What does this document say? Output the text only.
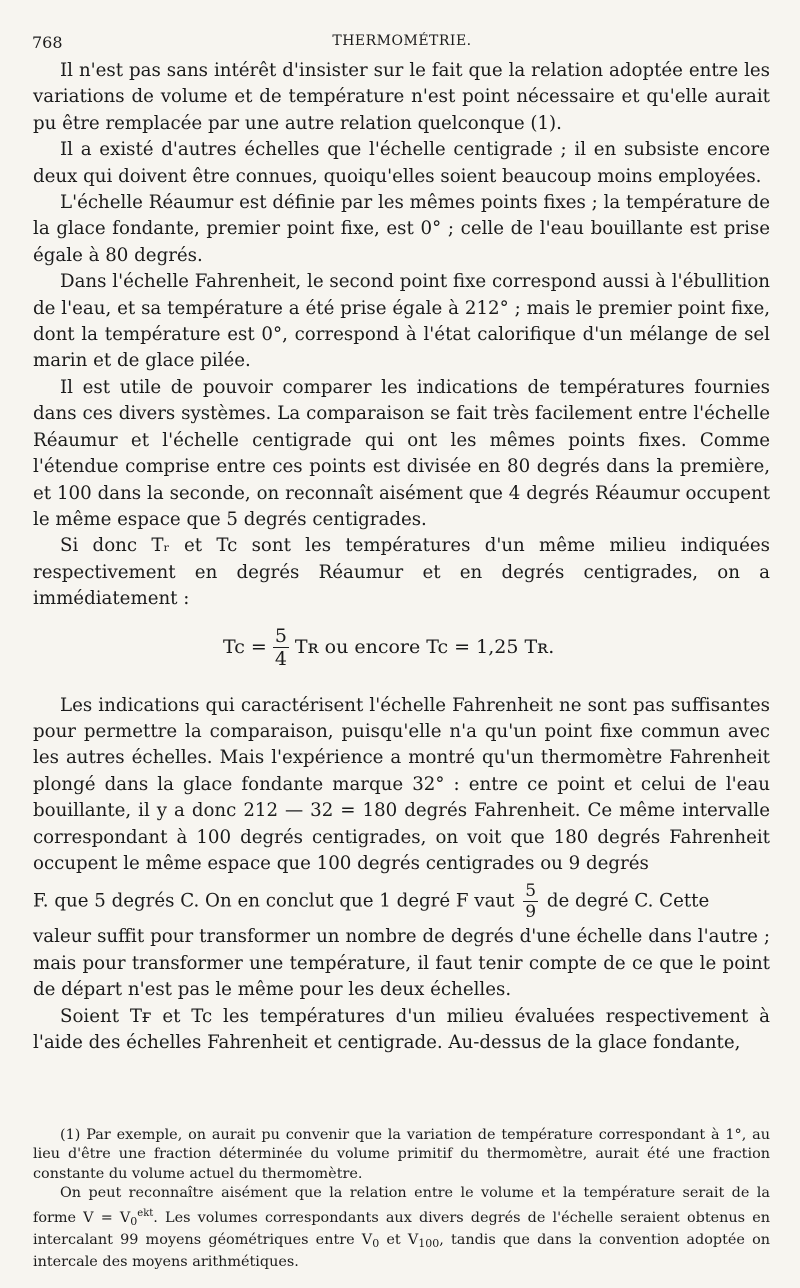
768	THERMOMÉTRIE.

Il n'est pas sans intérêt d'insister sur le fait que la relation adoptée entre les variations de volume et de température n'est point nécessaire et qu'elle aurait pu être remplacée par une autre relation quelconque (1).

Il a existé d'autres échelles que l'échelle centigrade ; il en subsiste encore deux qui doivent être connues, quoiqu'elles soient beaucoup moins employées.

L'échelle Réaumur est définie par les mêmes points fixes ; la température de la glace fondante, premier point fixe, est 0° ; celle de l'eau bouillante est prise égale à 80 degrés.

Dans l'échelle Fahrenheit, le second point fixe correspond aussi à l'ébullition de l'eau, et sa température a été prise égale à 212° ; mais le premier point fixe, dont la température est 0°, correspond à l'état calorifique d'un mélange de sel marin et de glace pilée.

Il est utile de pouvoir comparer les indications de températures fournies dans ces divers systèmes. La comparaison se fait très facilement entre l'échelle Réaumur et l'échelle centigrade qui ont les mêmes points fixes. Comme l'étendue comprise entre ces points est divisée en 80 degrés dans la première, et 100 dans la seconde, on reconnaît aisément que 4 degrés Réaumur occupent le même espace que 5 degrés centigrades.

Si donc Tᵣ et Tc sont les températures d'un même milieu indiquées respectivement en degrés Réaumur et en degrés centigrades, on a immédiatement :

$Tc = \frac{5}{4}$ Tʀ ou encore Tc = 1,25 Tʀ.

Les indications qui caractérisent l'échelle Fahrenheit ne sont pas suffisantes pour permettre la comparaison, puisqu'elle n'a qu'un point fixe commun avec les autres échelles. Mais l'expérience a montré qu'un thermomètre Fahrenheit plongé dans la glace fondante marque 32° : entre ce point et celui de l'eau bouillante, il y a donc 212 — 32 = 180 degrés Fahrenheit. Ce même intervalle correspondant à 100 degrés centigrades, on voit que 180 degrés Fahrenheit occupent le même espace que 100 degrés centigrades ou 9 degrés

F. que 5 degrés C. On en conclut que 1 degré F vaut $\frac{5}{9}$ de degré C. Cette

valeur suffit pour transformer un nombre de degrés d'une échelle dans l'autre ; mais pour transformer une température, il faut tenir compte de ce que le point de départ n'est pas le même pour les deux échelles.

Soient Tғ et Tc les températures d'un milieu évaluées respectivement à l'aide des échelles Fahrenheit et centigrade. Au-dessus de la glace fondante,

(1) Par exemple, on aurait pu convenir que la variation de température correspondant à 1°, au lieu d'être une fraction déterminée du volume primitif du thermomètre, aurait été une fraction constante du volume actuel du thermomètre.

On peut reconnaître aisément que la relation entre le volume et la température serait de la forme $V = V_0^{ekt}$. Les volumes correspondants aux divers degrés de l'échelle seraient obtenus en intercalant 99 moyens géométriques entre $V_0$ et $V_{100}$, tandis que dans la convention adoptée on intercale des moyens arithmétiques.
